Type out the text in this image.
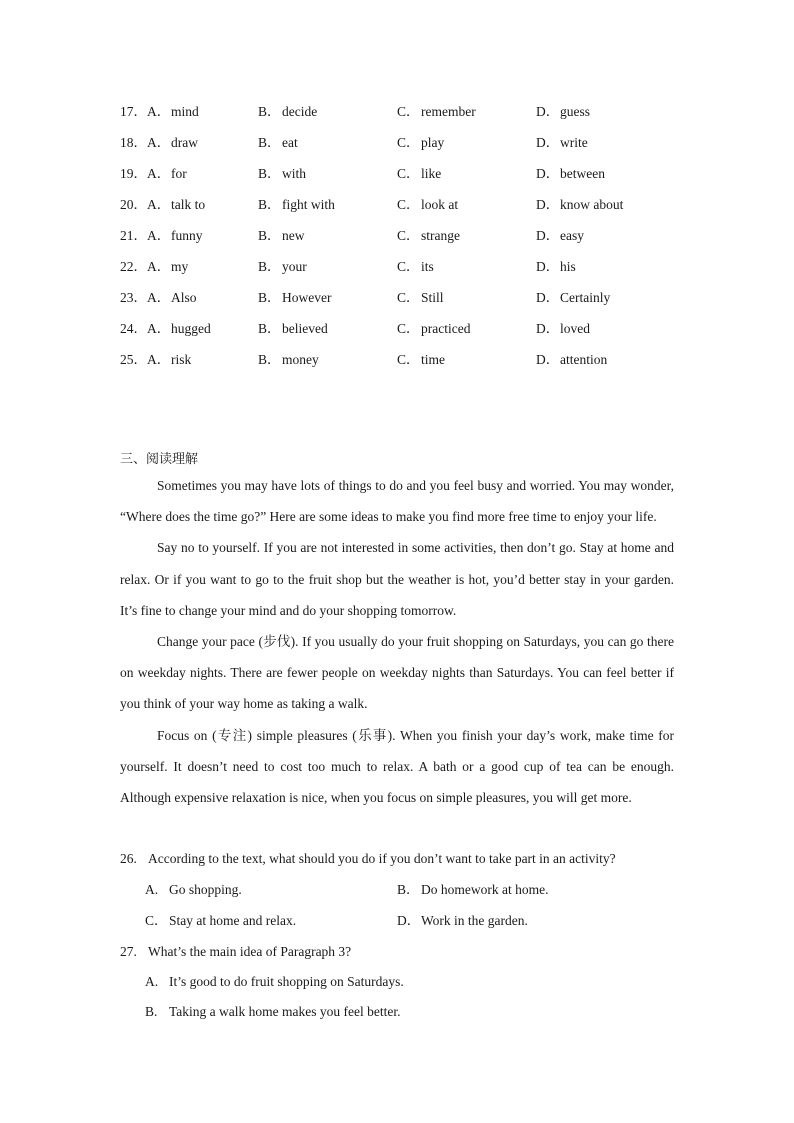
17． A．mind	B．decide	C．remember	D．guess
18． A．draw	B．eat	C．play	D．write
19． A．for	B．with	C．like	D．between
20． A．talk to	B．fight with	C．look at	D．know about
21． A．funny	B．new	C．strange	D．easy
22． A．my	B．your	C．its	D．his
23． A．Also	B．However	C．Still	D．Certainly
24． A．hugged	B．believed	C．practiced	D．loved
25． A．risk	B．money	C．time	D．attention
三、阅读理解

Sometimes you may have lots of things to do and you feel busy and worried. You may wonder, “Where does the time go?” Here are some ideas to make you find more free time to enjoy your life.

Say no to yourself. If you are not interested in some activities, then don’t go. Stay at home and relax. Or if you want to go to the fruit shop but the weather is hot, you’d better stay in your garden. It’s fine to change your mind and do your shopping tomorrow.

Change your pace (步伐). If you usually do your fruit shopping on Saturdays, you can go there on weekday nights. There are fewer people on weekday nights than Saturdays. You can feel better if you think of your way home as taking a walk.

Focus on (专注) simple pleasures (乐事). When you finish your day’s work, make time for yourself. It doesn’t need to cost too much to relax. A bath or a good cup of tea can be enough. Although expensive relaxation is nice, when you focus on simple pleasures, you will get more.

26. According to the text, what should you do if you don’t want to take part in an activity?
A. Go shopping.	B．Do homework at home.
C．Stay at home and relax.	D．Work in the garden.
27. What’s the main idea of Paragraph 3?
A. It’s good to do fruit shopping on Saturdays.
B. Taking a walk home makes you feel better.
